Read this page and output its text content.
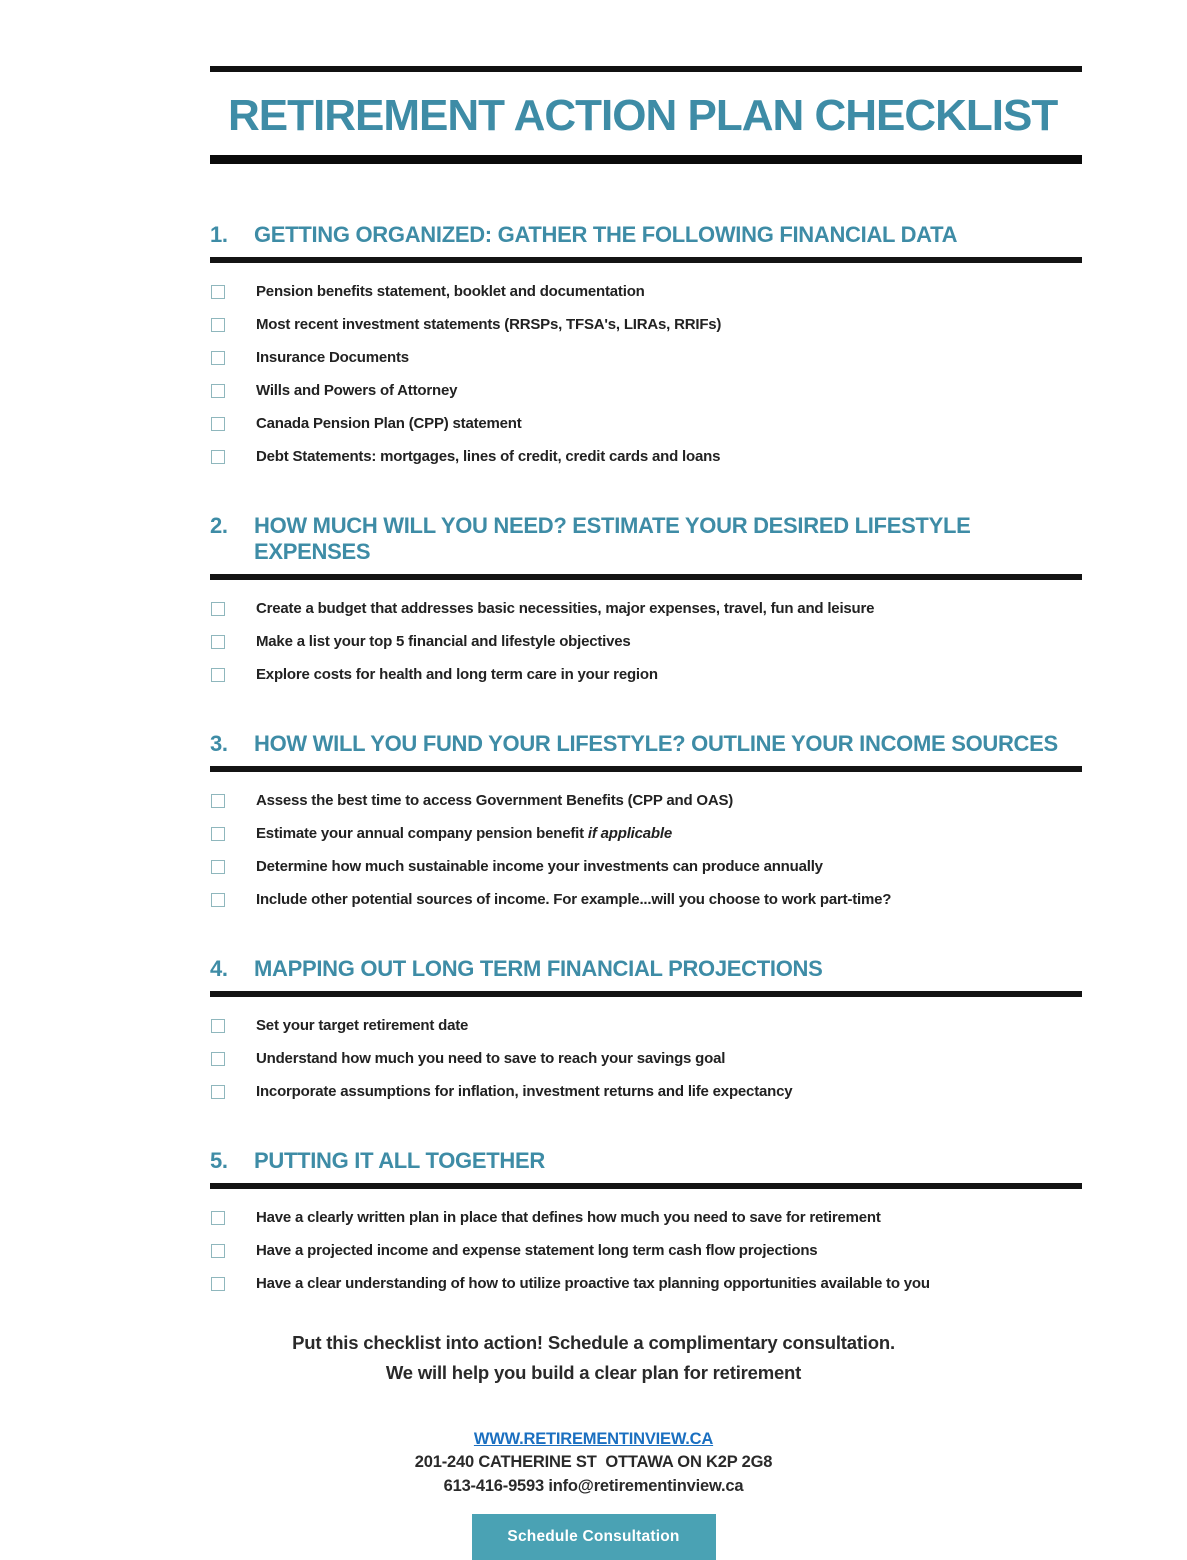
RETIREMENT ACTION PLAN CHECKLIST
1.	GETTING ORGANIZED: GATHER THE FOLLOWING FINANCIAL DATA
Pension benefits statement, booklet and documentation
Most recent investment statements (RRSPs, TFSA's, LIRAs, RRIFs)
Insurance Documents
Wills and Powers of Attorney
Canada Pension Plan (CPP) statement
Debt Statements: mortgages, lines of credit, credit cards and loans
2.	HOW MUCH WILL YOU NEED? ESTIMATE YOUR DESIRED LIFESTYLE EXPENSES
Create a budget that addresses basic necessities, major expenses, travel, fun and leisure
Make a list your top 5 financial and lifestyle objectives
Explore costs for health and long term care in your region
3.	HOW WILL YOU FUND YOUR LIFESTYLE? OUTLINE YOUR INCOME SOURCES
Assess the best time to access Government Benefits (CPP and OAS)
Estimate your annual company pension benefit if applicable
Determine how much sustainable income your investments can produce annually
Include other potential sources of income. For example...will you choose to work part-time?
4.	MAPPING OUT LONG TERM FINANCIAL PROJECTIONS
Set your target retirement date
Understand how much you need to save to reach your savings goal
Incorporate assumptions for inflation, investment returns and life expectancy
5.	PUTTING IT ALL TOGETHER
Have a clearly written plan in place that defines how much you need to save for retirement
Have a projected income and expense statement long term cash flow projections
Have a clear understanding of how to utilize proactive tax planning opportunities available to you
Put this checklist into action! Schedule a complimentary consultation.
We will help you build a clear plan for retirement

WWW.RETIREMENTINVIEW.CA
201-240 CATHERINE ST  OTTAWA ON K2P 2G8
613-416-9593 info@retirementinview.ca
Schedule Consultation
